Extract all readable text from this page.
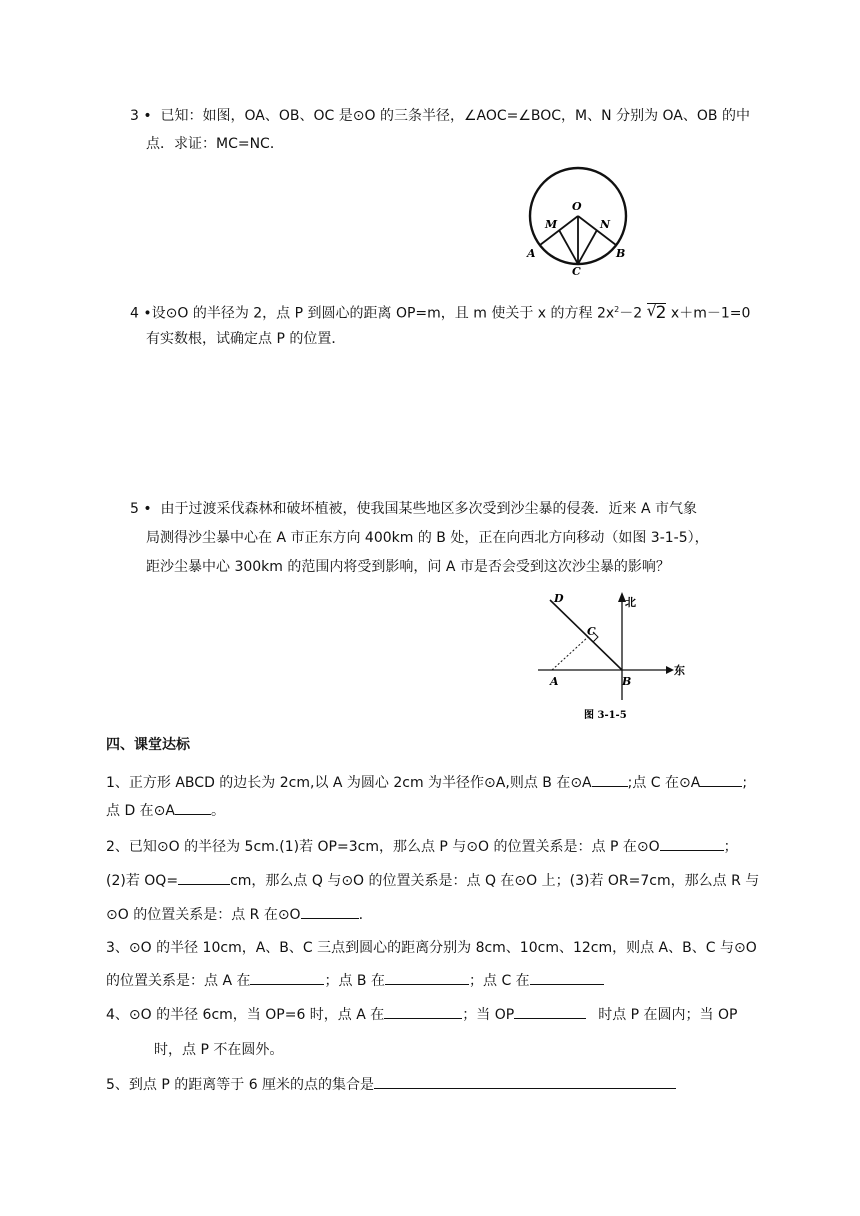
3 • 已知：如图，OA、OB、OC 是⊙O 的三条半径，∠AOC=∠BOC，M、N 分别为 OA、OB 的中
点．求证：MC=NC．
O
M	N
A	B
C
4 •设⊙O 的半径为 2，点 P 到圆心的距离 OP=m，且 m 使关于 x 的方程 $2x^2-2$ √
2 x＋m－1=0
有实数根，试确定点 P 的位置．
5 • 由于过渡采伐森林和破坏植被，使我国某些地区多次受到沙尘暴的侵袭．近来 A 市气象
局测得沙尘暴中心在 A 市正东方向 400km 的 B 处，正在向西北方向移动（如图 3-1-5），
距沙尘暴中心 300km 的范围内将受到影响，问 A 市是否会受到这次沙尘暴的影响？
D
C
A	B
北
东
图 3-1-5
四、课堂达标
1、正方形 ABCD 的边长为 2cm,以 A 为圆心 2cm 为半径作⊙A,则点 B 在⊙A	;点 C 在⊙A	;
点 D 在⊙A	。
2、已知⊙O 的半径为 5cm.(1)若 OP=3cm，那么点 P 与⊙O 的位置关系是：点 P 在⊙O	；
(2)若 OQ=	cm，那么点 Q 与⊙O 的位置关系是：点 Q 在⊙O 上；(3)若 OR=7cm，那么点 R 与
⊙O 的位置关系是：点 R 在⊙O	.
3、⊙O 的半径 10cm，A、B、C 三点到圆心的距离分别为 8cm、10cm、12cm，则点 A、B、C 与⊙O
的位置关系是：点 A 在	；点 B 在	；点 C 在
4、⊙O 的半径 6cm，当 OP=6 时，点 A 在	；当 OP	时点 P 在圆内；当 OP
时，点 P 不在圆外。
5、到点 P 的距离等于 6 厘米的点的集合是
